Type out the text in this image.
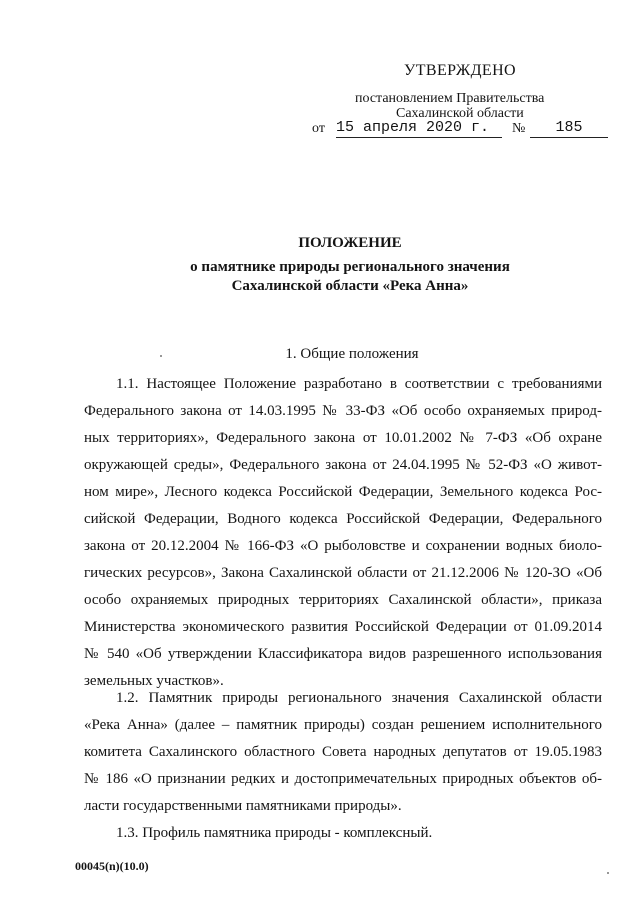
УТВЕРЖДЕНО
постановлением Правительства
Сахалинской области
от 15 апреля 2020 г.	№	185
ПОЛОЖЕНИЕ
о памятнике природы регионального значения
Сахалинской области «Река Анна»
1. Общие положения
1.1. Настоящее Положение разработано в соответствии с требованиями
Федерального закона от 14.03.1995 № 33-ФЗ «Об особо охраняемых природ-
ных территориях», Федерального закона от 10.01.2002 № 7-ФЗ «Об охране
окружающей среды», Федерального закона от 24.04.1995 № 52-ФЗ «О живот-
ном мире», Лесного кодекса Российской Федерации, Земельного кодекса Рос-
сийской Федерации, Водного кодекса Российской Федерации, Федерального
закона от 20.12.2004 № 166-ФЗ «О рыболовстве и сохранении водных биоло-
гических ресурсов», Закона Сахалинской области от 21.12.2006 № 120-ЗО «Об
особо охраняемых природных территориях Сахалинской области», приказа
Министерства экономического развития Российской Федерации от 01.09.2014
№ 540 «Об утверждении Классификатора видов разрешенного использования
земельных участков».
1.2. Памятник природы регионального значения Сахалинской области
«Река Анна» (далее – памятник природы) создан решением исполнительного
комитета Сахалинского областного Совета народных депутатов от 19.05.1983
№ 186 «О признании редких и достопримечательных природных объектов об-
ласти государственными памятниками природы».
1.3. Профиль памятника природы - комплексный.
00045(n)(10.0)
